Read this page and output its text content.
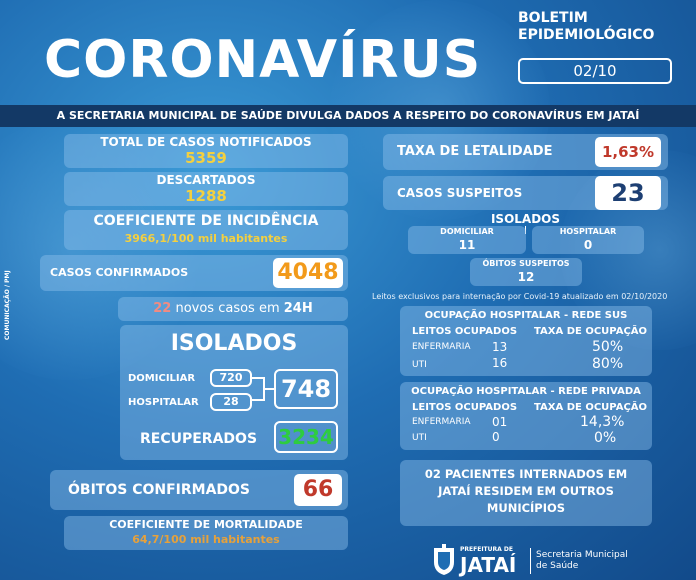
CORONAVÍRUS
BOLETIM
EPIDEMIOLÓGICO
02/10
A SECRETARIA MUNICIPAL DE SAÚDE DIVULGA DADOS A RESPEITO DO CORONAVÍRUS EM JATAÍ
COMUNICAÇÃO / PMJ
TOTAL DE CASOS NOTIFICADOS
5359
DESCARTADOS
1288
COEFICIENTE DE INCIDÊNCIA
3966,1/100 mil habitantes
CASOS CONFIRMADOS	4048
22 novos casos em 24H
ISOLADOS
DOMICILIAR	720
HOSPITALAR	28	748
RECUPERADOS 3234
ÓBITOS CONFIRMADOS	66
COEFICIENTE DE MORTALIDADE
64,7/100 mil habitantes
TAXA DE LETALIDADE	1,63%
CASOS SUSPEITOS	23
ISOLADOS
DOMICILIAR
11
HOSPITALAR
0
ÓBITOS SUSPEITOS
12
Leitos exclusivos para internação por Covid-19 atualizado em 02/10/2020
OCUPAÇÃO HOSPITALAR - REDE SUS
LEITOS OCUPADOS TAXA DE OCUPAÇÃO
ENFERMARIA 13	50%
UTI	16	80%
OCUPAÇÃO HOSPITALAR - REDE PRIVADA
LEITOS OCUPADOS TAXA DE OCUPAÇÃO
ENFERMARIA 01	14,3%
UTI	0	0%
02 PACIENTES INTERNADOS EM
JATAÍ RESIDEM EM OUTROS
MUNICÍPIOS
PREFEITURA DE
JATAÍ Secretaria Municipal
de Saúde
